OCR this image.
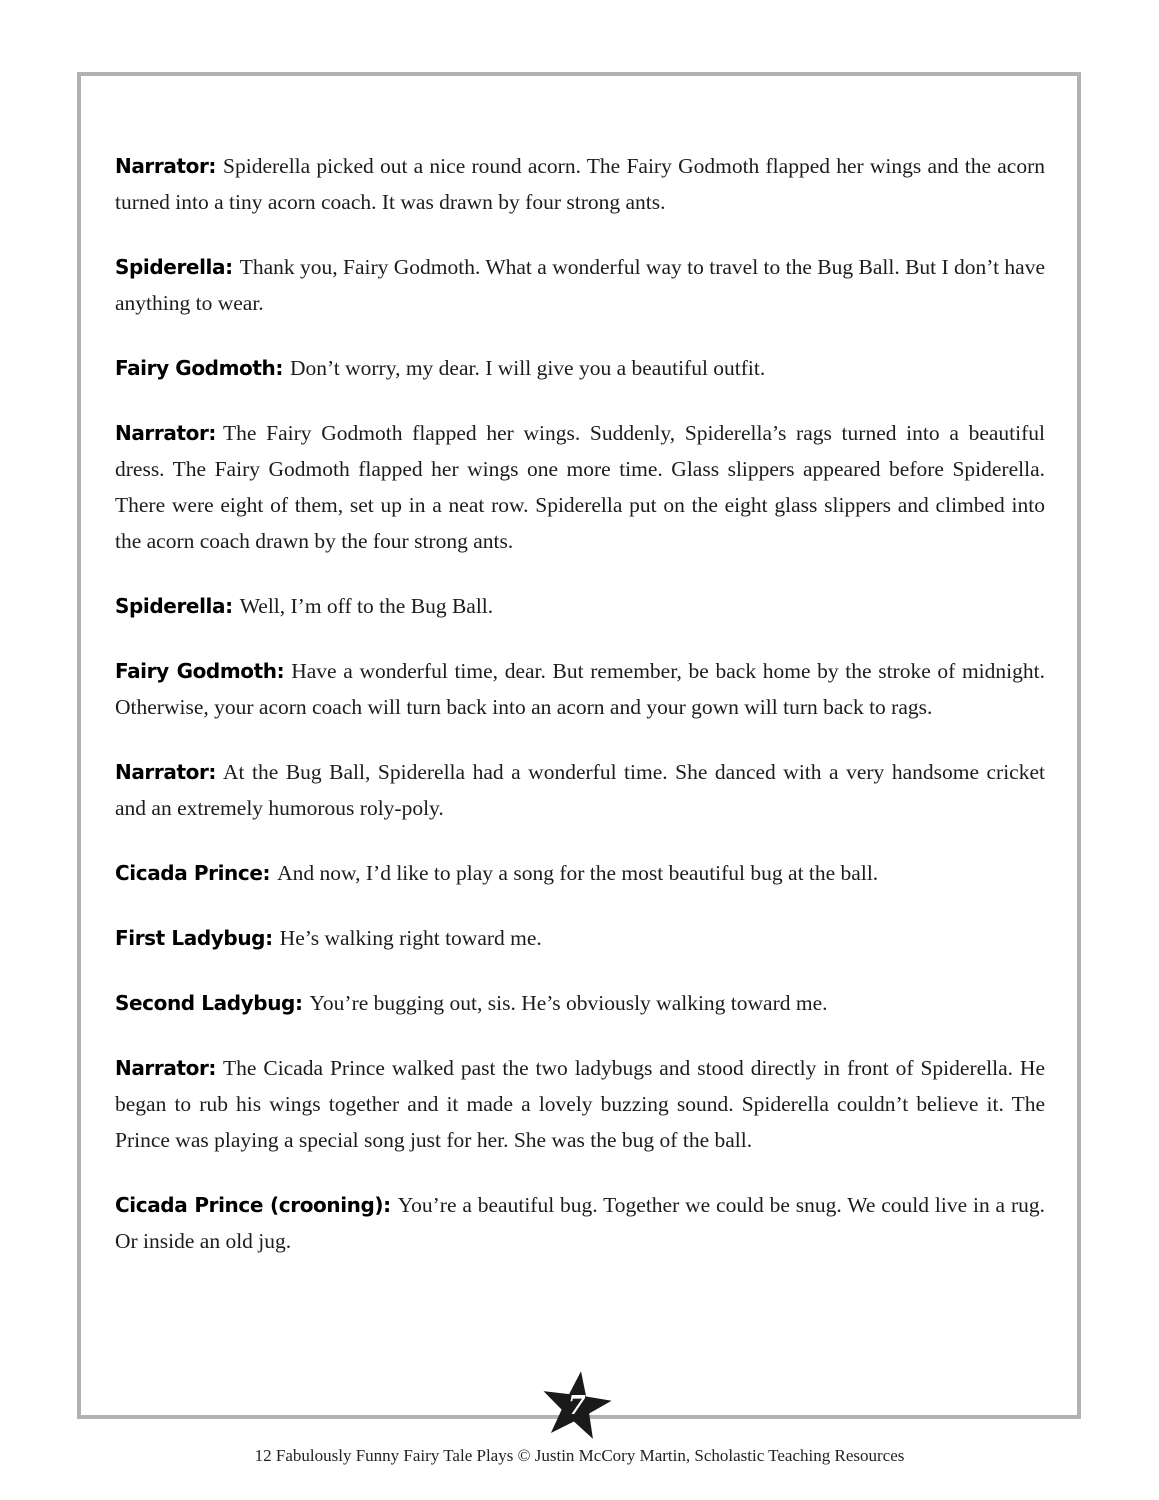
Narrator: Spiderella picked out a nice round acorn. The Fairy Godmoth flapped her wings and the acorn turned into a tiny acorn coach. It was drawn by four strong ants.

Spiderella: Thank you, Fairy Godmoth. What a wonderful way to travel to the Bug Ball. But I don’t have anything to wear.

Fairy Godmoth: Don’t worry, my dear. I will give you a beautiful outfit.

Narrator: The Fairy Godmoth flapped her wings. Suddenly, Spiderella’s rags turned into a beautiful dress. The Fairy Godmoth flapped her wings one more time. Glass slippers appeared before Spiderella. There were eight of them, set up in a neat row. Spiderella put on the eight glass slippers and climbed into the acorn coach drawn by the four strong ants.

Spiderella: Well, I’m off to the Bug Ball.

Fairy Godmoth: Have a wonderful time, dear. But remember, be back home by the stroke of midnight. Otherwise, your acorn coach will turn back into an acorn and your gown will turn back to rags.

Narrator: At the Bug Ball, Spiderella had a wonderful time. She danced with a very handsome cricket and an extremely humorous roly-poly.

Cicada Prince: And now, I’d like to play a song for the most beautiful bug at the ball.

First Ladybug: He’s walking right toward me.

Second Ladybug: You’re bugging out, sis. He’s obviously walking toward me.

Narrator: The Cicada Prince walked past the two ladybugs and stood directly in front of Spiderella. He began to rub his wings together and it made a lovely buzzing sound. Spiderella couldn’t believe it. The Prince was playing a special song just for her. She was the bug of the ball.

Cicada Prince (crooning): You’re a beautiful bug. Together we could be snug. We could live in a rug. Or inside an old jug.

7
12 Fabulously Funny Fairy Tale Plays © Justin McCory Martin, Scholastic Teaching Resources
